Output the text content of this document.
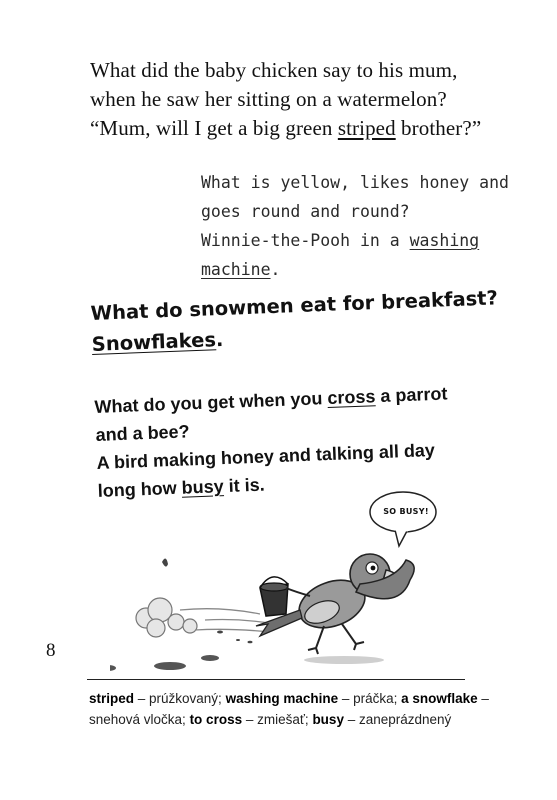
What did the baby chicken say to his mum,
when he saw her sitting on a watermelon?
“Mum, will I get a big green striped brother?”
What is yellow, likes honey and
goes round and round?
Winnie-the-Pooh in a washing
machine.
What do snowmen eat for breakfast?
Snowflakes.
What do you get when you cross a parrot
and a bee?
A bird making honey and talking all day
long how busy it is.
SO BUSY!
8
striped – prúžkovaný; washing machine – práčka; a snowflake –
snehová vločka; to cross – zmiešať; busy – zaneprázdnený
